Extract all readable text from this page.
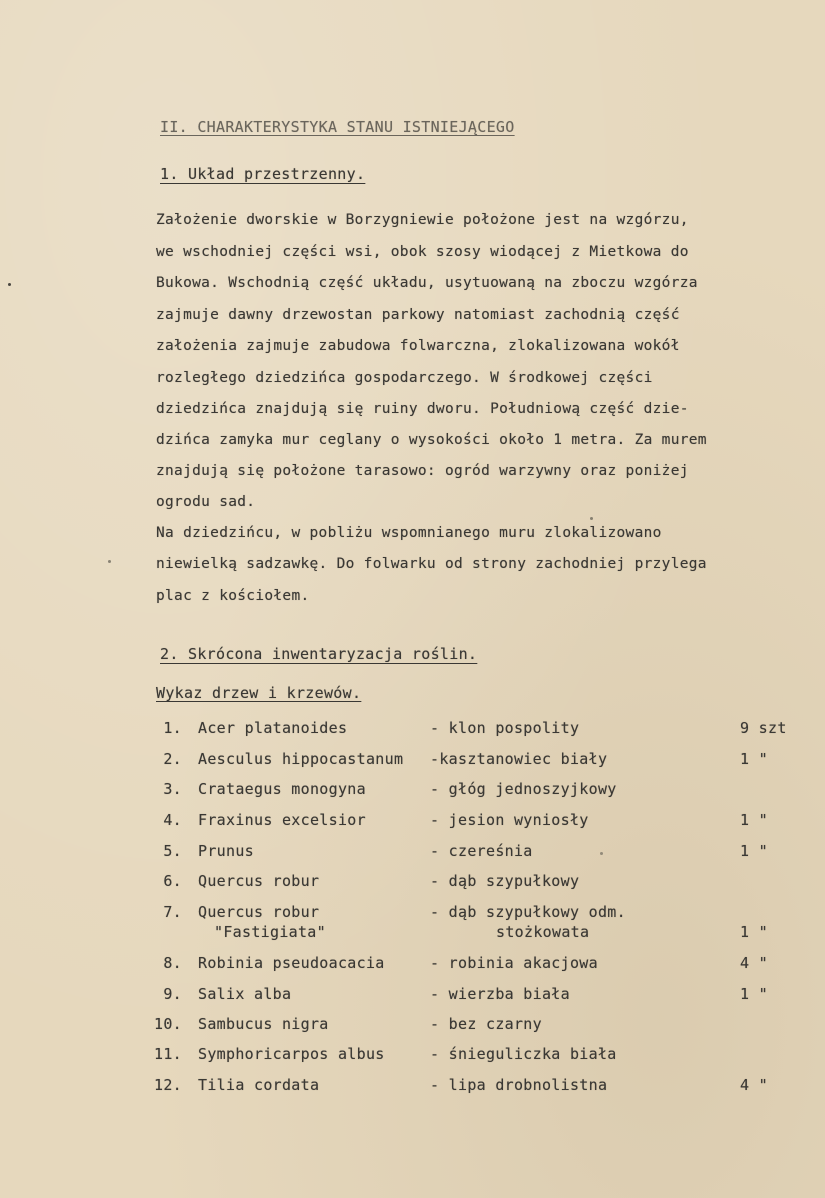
II. CHARAKTERYSTYKA STANU ISTNIEJĄCEGO
1. Układ przestrzenny.
Założenie dworskie w Borzygniewie położone jest na wzgórzu,
we wschodniej części wsi, obok szosy wiodącej z Mietkowa do
Bukowa. Wschodnią część układu, usytuowaną na zboczu wzgórza
zajmuje dawny drzewostan parkowy natomiast zachodnią część
założenia zajmuje zabudowa folwarczna, zlokalizowana wokół
rozległego dziedzińca gospodarczego. W środkowej części
dziedzińca znajdują się ruiny dworu. Południową część dzie-
dzińca zamyka mur ceglany o wysokości około 1 metra. Za murem
znajdują się położone tarasowo: ogród warzywny oraz poniżej
ogrodu sad.
Na dziedzińcu, w pobliżu wspomnianego muru zlokalizowano
niewielką sadzawkę. Do folwarku od strony zachodniej przylega
plac z kościołem.
2. Skrócona inwentaryzacja roślin.
Wykaz drzew i krzewów.
1. Acer platanoides	- klon pospolity	9 szt
2. Aesculus hippocastanum -kasztanowiec biały	1 "
3. Crataegus monogyna	- głóg jednoszyjkowy
4. Fraxinus excelsior	- jesion wyniosły	1 "
5. Prunus	- czereśnia	1 "
6. Quercus robur	- dąb szypułkowy
7. Quercus robur	- dąb szypułkowy odm.
"Fastigiata"	stożkowata	1 "
8. Robinia pseudoacacia	- robinia akacjowa	4 "
9. Salix alba	- wierzba biała	1 "
10. Sambucus nigra	- bez czarny
11. Symphoricarpos albus	- śnieguliczka biała
12. Tilia cordata	- lipa drobnolistna	4 "
